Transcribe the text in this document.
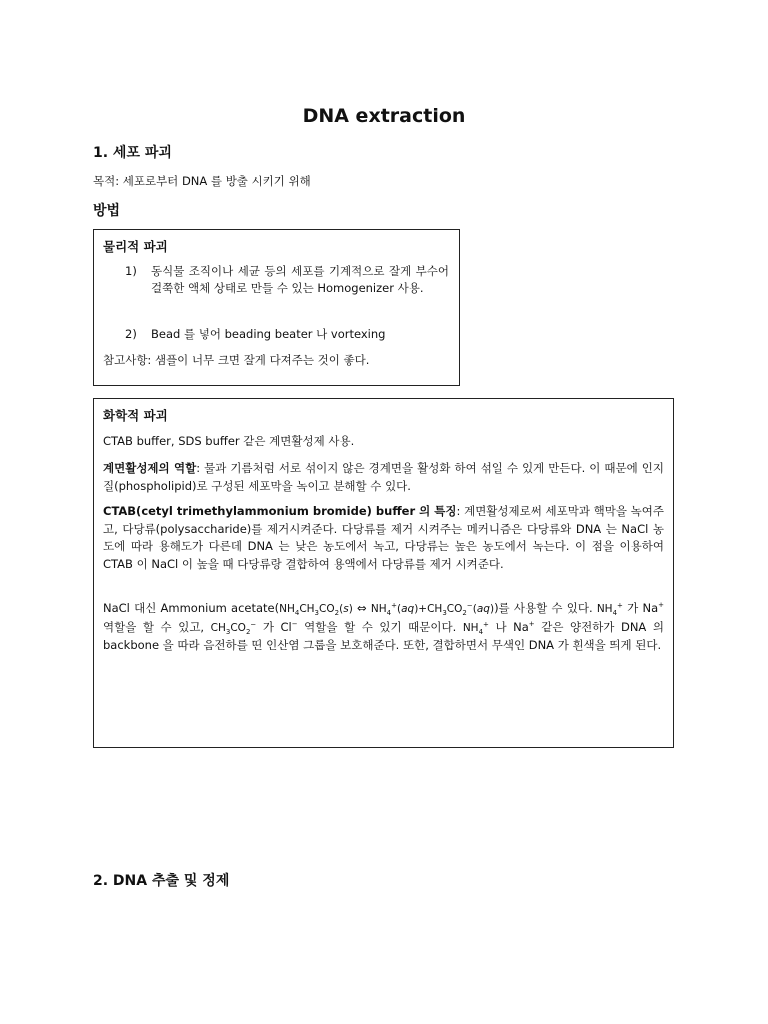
DNA extraction
1. 세포 파괴
목적: 세포로부터 DNA 를 방출 시키기 위해
방법
물리적 파괴
1)	동식물 조직이나 세균 등의 세포를 기계적으로 잘게 부수어 걸쭉한 액체 상태로 만들 수 있는 Homogenizer 사용.
2)	Bead 를 넣어 beading beater 나 vortexing
참고사항: 샘플이 너무 크면 잘게 다져주는 것이 좋다.
화학적 파괴
CTAB buffer, SDS buffer 같은 계면활성제 사용.
계면활성제의 역할: 물과 기름처럼 서로 섞이지 않은 경계면을 활성화 하여 섞일 수 있게 만든다. 이 때문에 인지질(phospholipid)로 구성된 세포막을 녹이고 분해할 수 있다.
CTAB(cetyl trimethylammonium bromide) buffer 의 특징: 계면활성제로써 세포막과 핵막을 녹여주고, 다당류(polysaccharide)를 제거시켜준다. 다당류를 제거 시켜주는 메커니즘은 다당류와 DNA 는 NaCl 농도에 따라 용해도가 다른데 DNA 는 낮은 농도에서 녹고, 다당류는 높은 농도에서 녹는다. 이 점을 이용하여 CTAB 이 NaCl 이 높을 때 다당류랑 결합하여 용액에서 다당류를 제거 시켜준다.
NaCl 대신 Ammonium $acetate(NH_4CH_3CO_2(s)$ ⇔ $NH_4^+(aq)+CH_3CO_2^-(aq)$)를 사용할 수 있다. $NH_4^+$ 가 Na+ 역할을 할 수 있고, $CH_3CO_2^-$ 가 Cl− 역할을 할 수 있기 때문이다. $NH_4^+$ 나 Na+ 같은 양전하가 DNA 의 backbone 을 따라 음전하를 띤 인산염 그룹을 보호해준다. 또한, 결합하면서 무색인 DNA 가 흰색을 띄게 된다.
2. DNA 추출 및 정제
